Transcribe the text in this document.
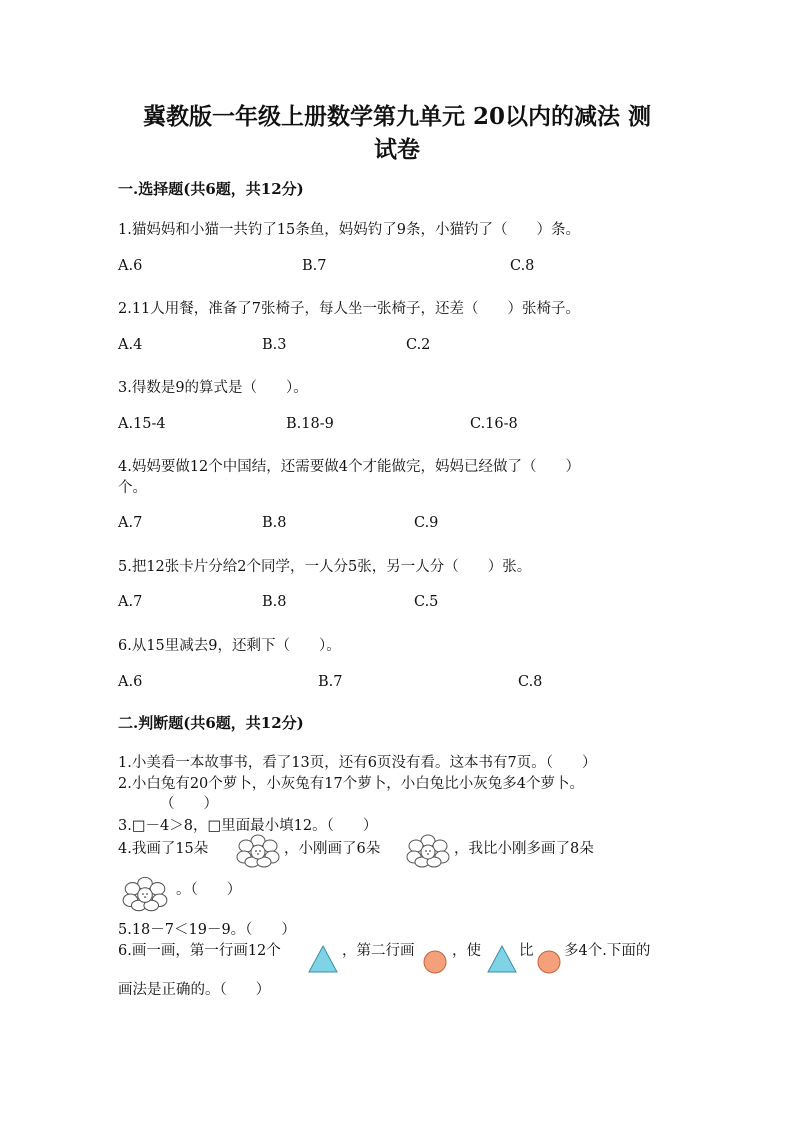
冀教版一年级上册数学第九单元 20以内的减法 测
试卷
一.选择题(共6题，共12分)
1.猫妈妈和小猫一共钓了15条鱼，妈妈钓了9条，小猫钓了（　　）条。
A.6	B.7	C.8
2.11人用餐，准备了7张椅子，每人坐一张椅子，还差（　　）张椅子。
A.4	B.3	C.2
3.得数是9的算式是（　　）。
A.15-4	B.18-9	C.16-8
4.妈妈要做12个中国结，还需要做4个才能做完，妈妈已经做了（　　）
个。
A.7	B.8	C.9
5.把12张卡片分给2个同学，一人分5张，另一人分（　　）张。
A.7	B.8	C.5
6.从15里减去9，还剩下（　　）。
A.6	B.7	C.8
二.判断题(共6题，共12分)
1.小美看一本故事书，看了13页，还有6页没有看。这本书有7页。（　　）
2.小白兔有20个萝卜，小灰兔有17个萝卜，小白兔比小灰兔多4个萝卜。
（　　）
3.□－4＞8，□里面最小填12。（　　）
4.我画了15朵	，小刚画了6朵	，我比小刚多画了8朵
。（　　）
5.18－7＜19－9。（　　）
6.画一画，第一行画12个	，第二行画	，使	比 多4个.下面的
画法是正确的。（　　）
